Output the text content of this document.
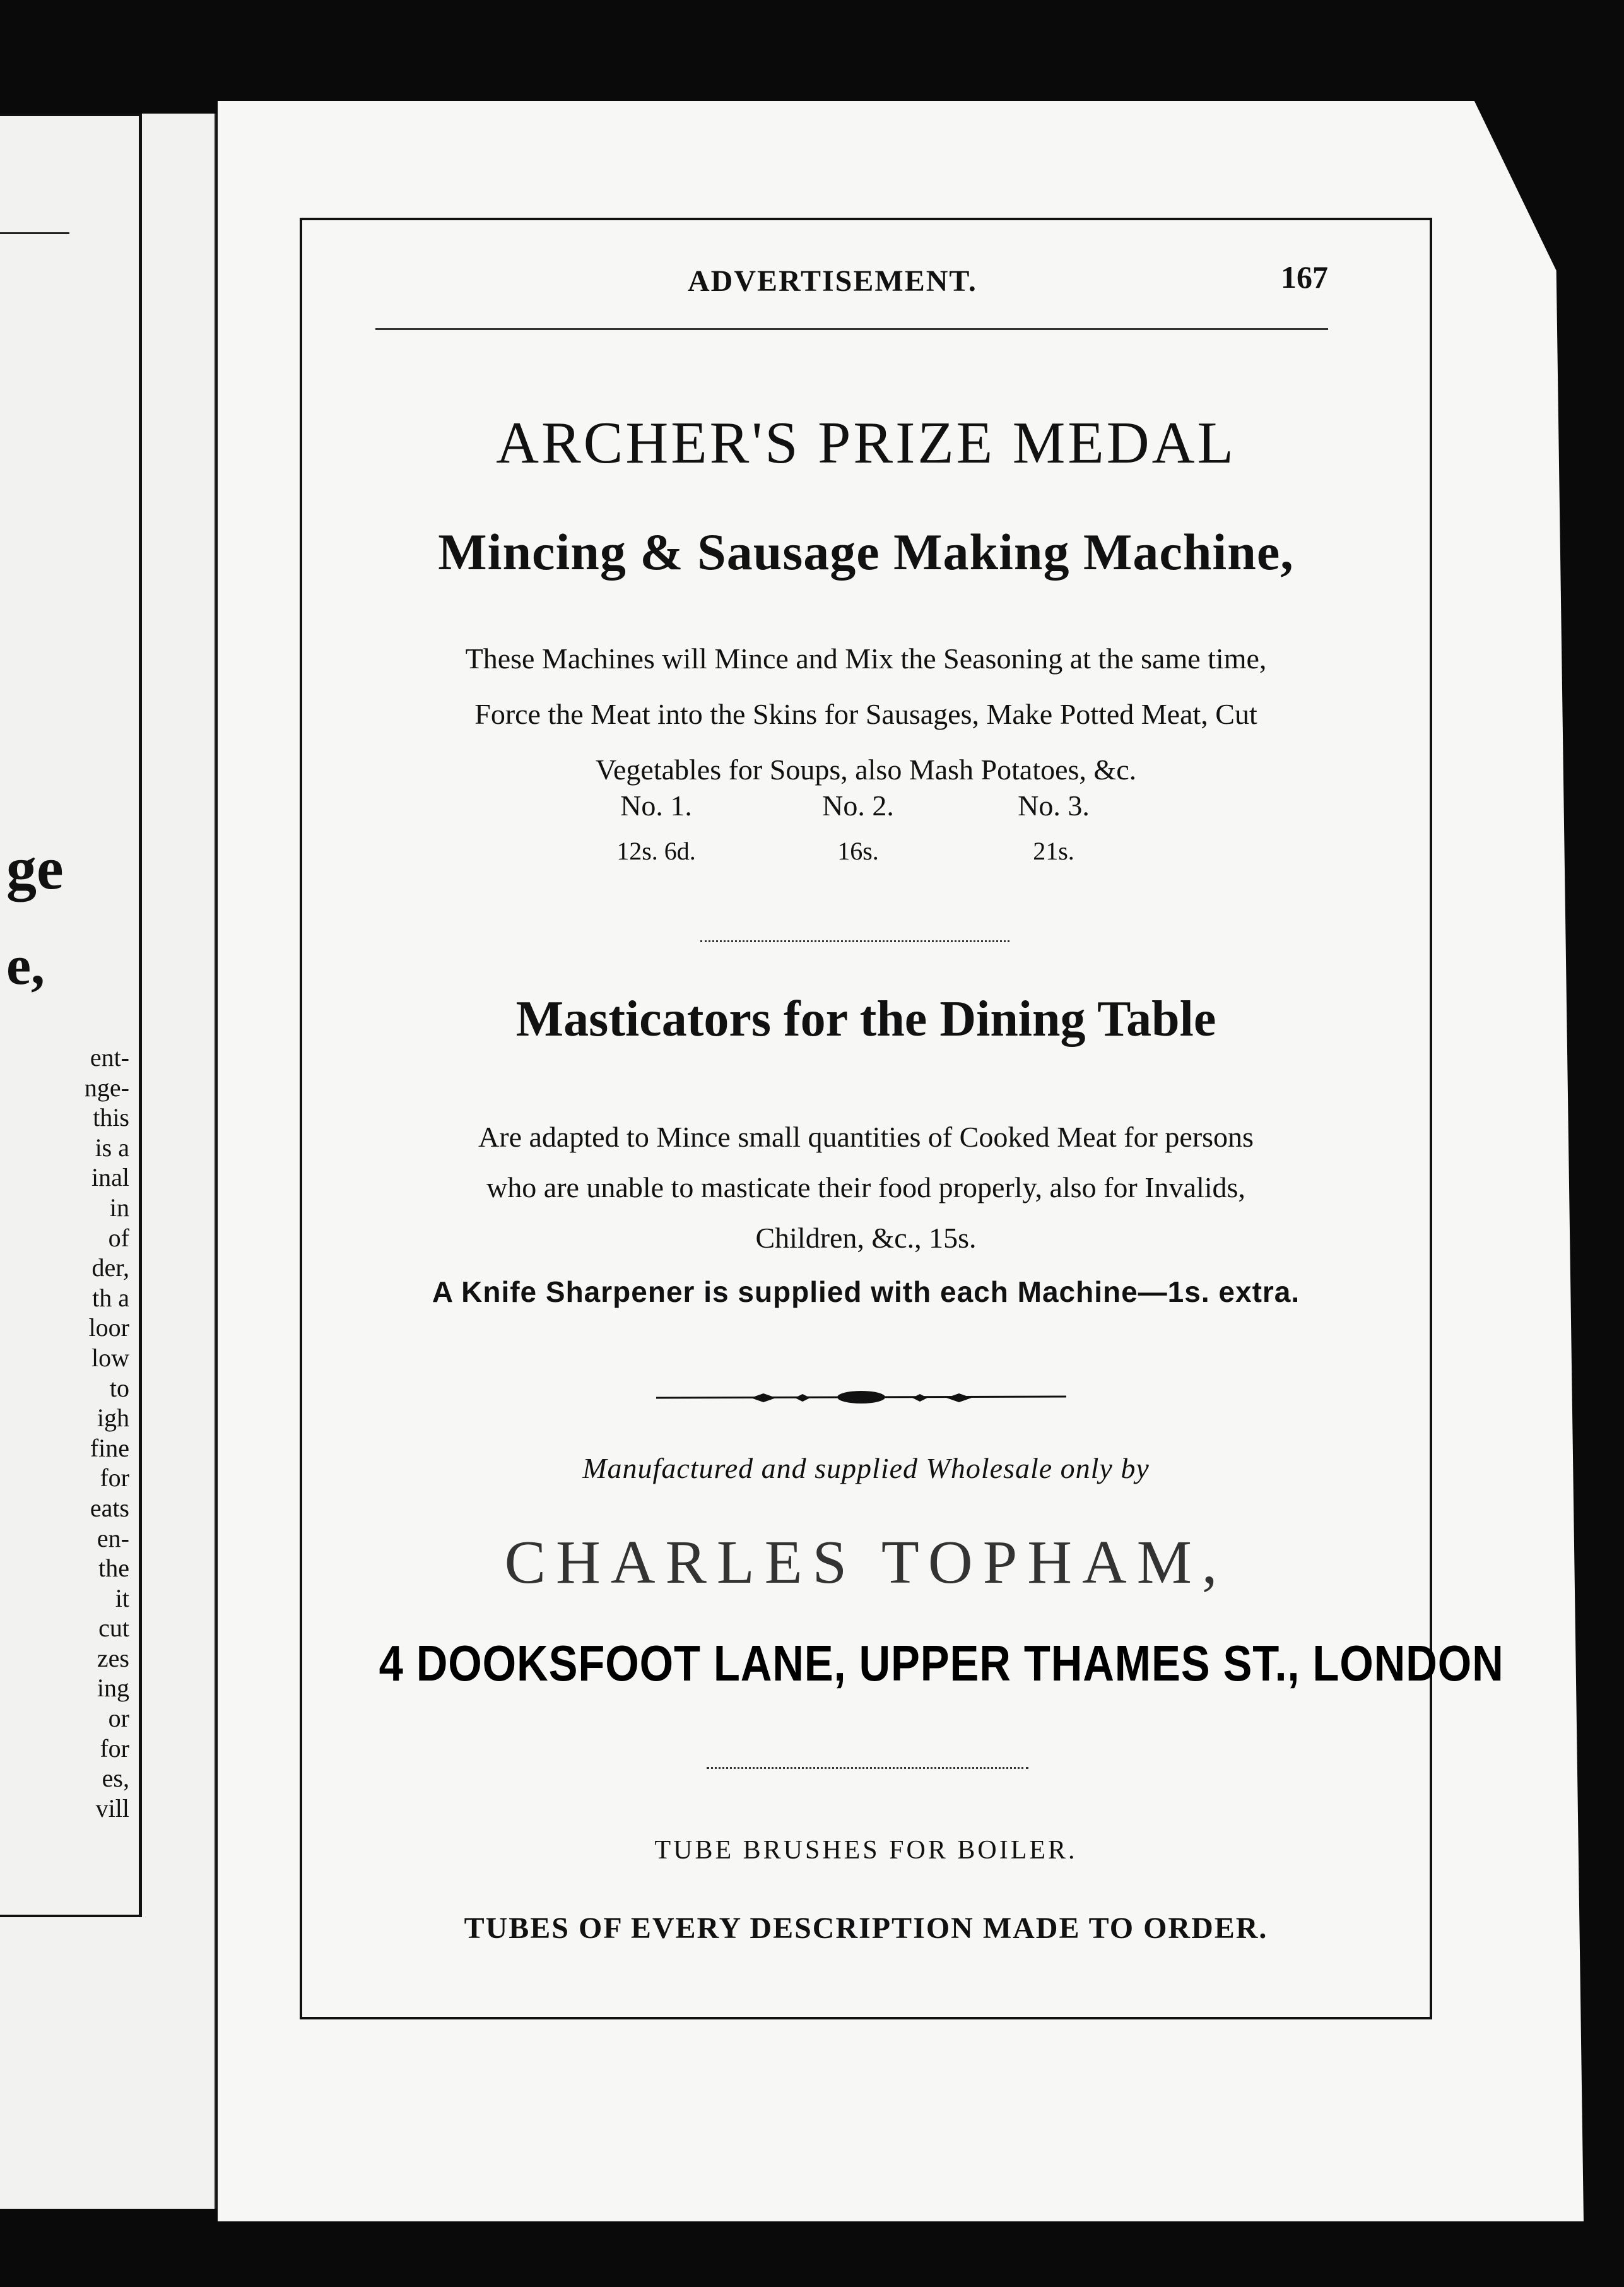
ge
e,
ent-
nge-
this
is a
inal
in
of
der,
th a
loor
low
to
igh
fine
for
eats
en-
the
it
cut
zes
ing
or
for
es,
vill
ADVERTISEMENT.	167
ARCHER'S PRIZE MEDAL
Mincing & Sausage Making Machine,
These Machines will Mince and Mix the Seasoning at the same time,
Force the Meat into the Skins for Sausages, Make Potted Meat, Cut
Vegetables for Soups, also Mash Potatoes, &c.
No. 1.
12s. 6d.
No. 2.
16s.
No. 3.
21s.
Masticators for the Dining Table
Are adapted to Mince small quantities of Cooked Meat for persons
who are unable to masticate their food properly, also for Invalids,
Children, &c., 15s.
A Knife Sharpener is supplied with each Machine—1s. extra.
Manufactured and supplied Wholesale only by
CHARLES TOPHAM,
4 DOOKSFOOT LANE, UPPER THAMES ST., LONDON
TUBE BRUSHES FOR BOILER.
TUBES OF EVERY DESCRIPTION MADE TO ORDER.
